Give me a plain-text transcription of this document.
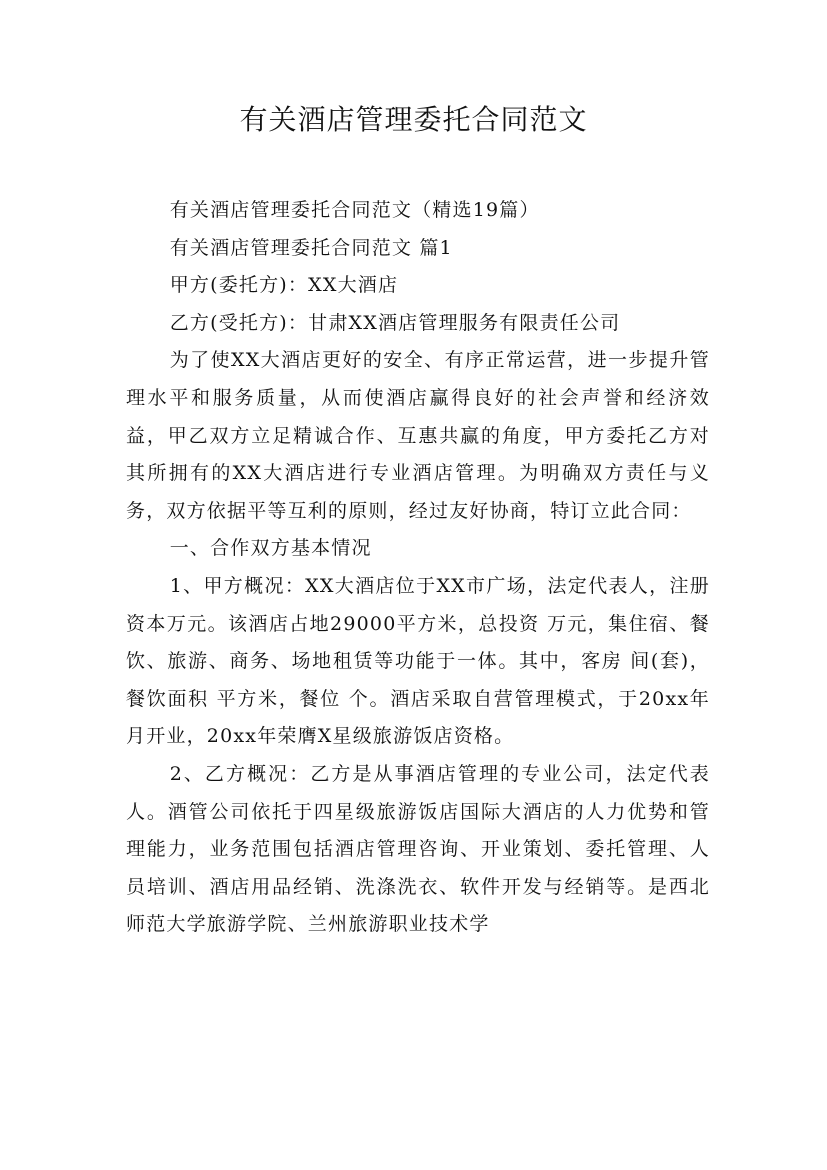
有关酒店管理委托合同范文

有关酒店管理委托合同范文（精选19篇）

有关酒店管理委托合同范文 篇1

甲方(委托方)：XX大酒店

乙方(受托方)：甘肃XX酒店管理服务有限责任公司

为了使XX大酒店更好的安全、有序正常运营，进一步提升管理水平和服务质量，从而使酒店赢得良好的社会声誉和经济效益，甲乙双方立足精诚合作、互惠共赢的角度，甲方委托乙方对其所拥有的XX大酒店进行专业酒店管理。为明确双方责任与义务，双方依据平等互利的原则，经过友好协商，特订立此合同：

一、合作双方基本情况

1、甲方概况：XX大酒店位于XX市广场，法定代表人，注册资本万元。该酒店占地29000平方米，总投资 万元，集住宿、餐饮、旅游、商务、场地租赁等功能于一体。其中，客房 间(套)，餐饮面积 平方米，餐位 个。酒店采取自营管理模式，于20xx年 月开业，20xx年荣膺X星级旅游饭店资格。

2、乙方概况：乙方是从事酒店管理的专业公司，法定代表人。酒管公司依托于四星级旅游饭店国际大酒店的人力优势和管理能力，业务范围包括酒店管理咨询、开业策划、委托管理、人员培训、酒店用品经销、洗涤洗衣、软件开发与经销等。是西北师范大学旅游学院、兰州旅游职业技术学
